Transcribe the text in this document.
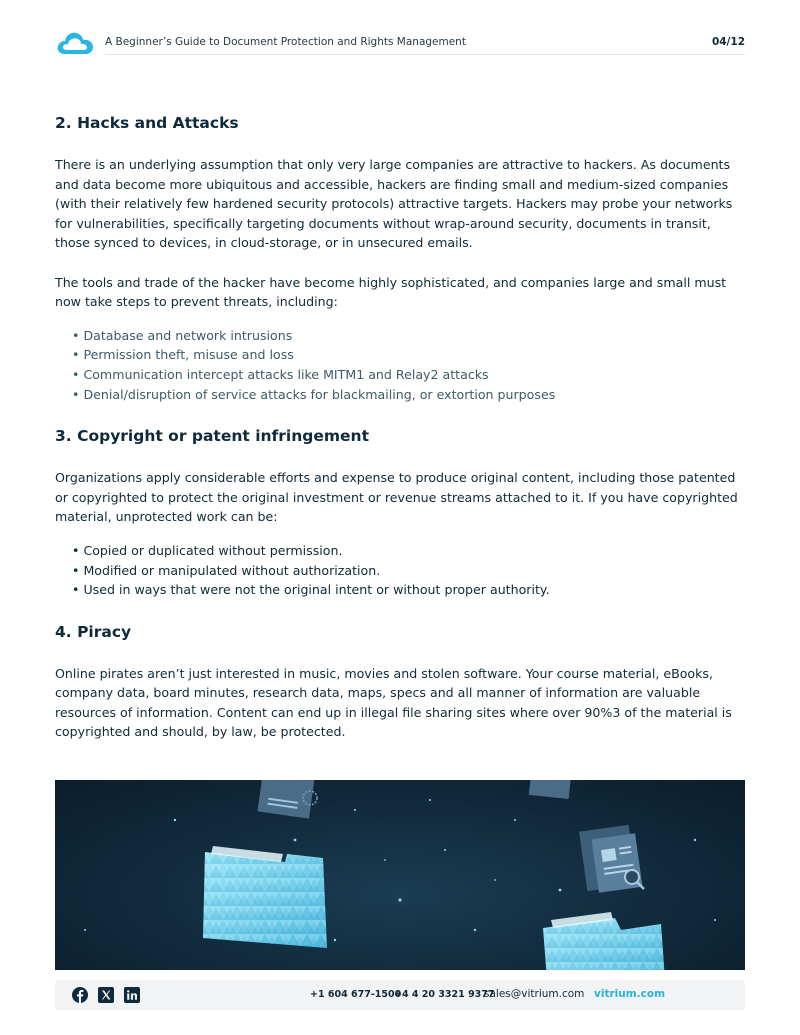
A Beginner’s Guide to Document Protection and Rights Management	04/12
2. Hacks and Attacks

There is an underlying assumption that only very large companies are attractive to hackers. As documents and data become more ubiquitous and accessible, hackers are finding small and medium-sized companies (with their relatively few hardened security protocols) attractive targets. Hackers may probe your networks for vulnerabilities, specifically targeting documents without wrap-around security, documents in transit, those synced to devices, in cloud-storage, or in unsecured emails.

The tools and trade of the hacker have become highly sophisticated, and companies large and small must now take steps to prevent threats, including:

• Database and network intrusions
• Permission theft, misuse and loss
• Communication intercept attacks like MITM1 and Relay2 attacks
• Denial/disruption of service attacks for blackmailing, or extortion purposes
3. Copyright or patent infringement

Organizations apply considerable efforts and expense to produce original content, including those patented or copyrighted to protect the original investment or revenue streams attached to it. If you have copyrighted material, unprotected work can be:

• Copied or duplicated without permission.
• Modified or manipulated without authorization.
• Used in ways that were not the original intent or without proper authority.
4. Piracy

Online pirates aren’t just interested in music, movies and stolen software. Your course material, eBooks, company data, board minutes, research data, maps, specs and all manner of information are valuable resources of information. Content can end up in illegal file sharing sites where over 90%3 of the material is copyrighted and should, by law, be protected.

+1 604 677-1500
+4 4 20 3321 9377
sales@vitrium.com vitrium.com
